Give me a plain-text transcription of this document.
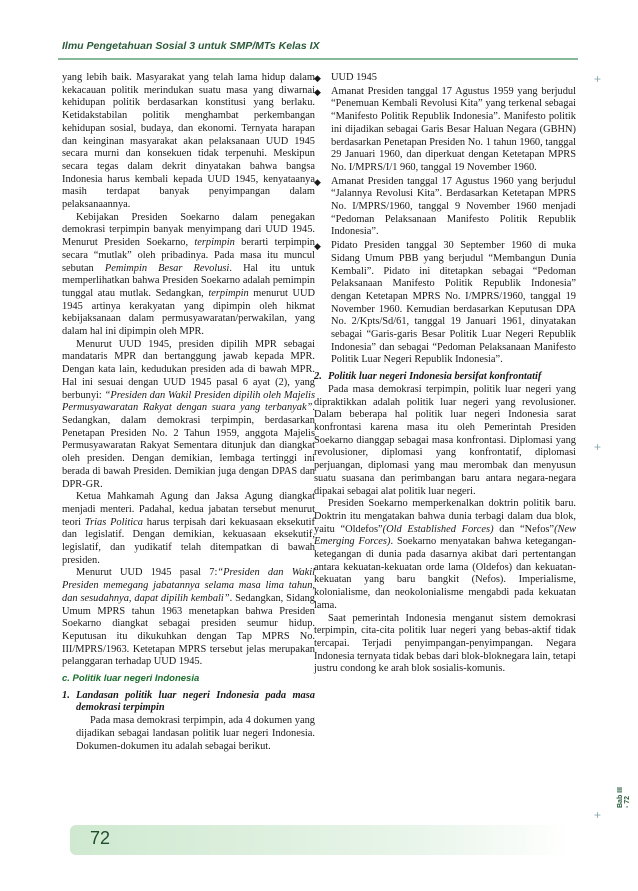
Ilmu Pengetahuan Sosial 3 untuk SMP/MTs Kelas IX

yang lebih baik. Masyarakat yang telah lama hidup dalam kekacauan politik merindukan suatu masa yang diwarnai kehidupan politik berdasarkan konstitusi yang berlaku. Ketidakstabilan politik menghambat perkembangan kehidupan sosial, budaya, dan ekonomi. Ternyata harapan dan keinginan masyarakat akan pelaksanaan UUD 1945 secara murni dan konsekuen tidak terpenuhi. Meskipun secara tegas dalam dekrit dinyatakan bahwa bangsa Indonesia harus kembali kepada UUD 1945, kenyataanya masih terdapat banyak penyimpangan dalam pelaksanaannya.

Kebijakan Presiden Soekarno dalam penegakan demokrasi terpimpin banyak menyimpang dari UUD 1945. Menurut Presiden Soekarno, terpimpin berarti terpimpin secara “mutlak” oleh pribadinya. Pada masa itu muncul sebutan Pemimpin Besar Revolusi. Hal itu untuk memperlihatkan bahwa Presiden Soekarno adalah pemimpin tunggal atau mutlak. Sedangkan, terpimpin menurut UUD 1945 artinya kerakyatan yang dipimpin oleh hikmat kebijaksanaan dalam permusyawaratan/perwakilan, yang dalam hal ini dipimpin oleh MPR.

Menurut UUD 1945, presiden dipilih MPR sebagai mandataris MPR dan bertanggung jawab kepada MPR. Dengan kata lain, kedudukan presiden ada di bawah MPR. Hal ini sesuai dengan UUD 1945 pasal 6 ayat (2), yang berbunyi: “Presiden dan Wakil Presiden dipilih oleh Majelis Permusyawaratan Rakyat dengan suara yang terbanyak”. Sedangkan, dalam demokrasi terpimpin, berdasarkan Penetapan Presiden No. 2 Tahun 1959, anggota Majelis Permusyawaratan Rakyat Sementara ditunjuk dan diangkat oleh presiden. Dengan demikian, lembaga tertinggi ini berada di bawah Presiden. Demikian juga dengan DPAS dan DPR-GR.

Ketua Mahkamah Agung dan Jaksa Agung diangkat menjadi menteri. Padahal, kedua jabatan tersebut menurut teori Trias Politica harus terpisah dari kekuasaan eksekutif dan legislatif. Dengan demikian, kekuasaan eksekutif, legislatif, dan yudikatif telah ditempatkan di bawah presiden.

Menurut UUD 1945 pasal 7:“Presiden dan Wakil Presiden memegang jabatannya selama masa lima tahun, dan sesudahnya, dapat dipilih kembali”. Sedangkan, Sidang Umum MPRS tahun 1963 menetapkan bahwa Presiden Soekarno diangkat sebagai presiden seumur hidup. Keputusan itu dikukuhkan dengan Tap MPRS No. III/MPRS/1963. Ketetapan MPRS tersebut jelas merupakan pelanggaran terhadap UUD 1945.

c. Politik luar negeri Indonesia
1. Landasan politik luar negeri Indonesia pada masa demokrasi terpimpin

Pada masa demokrasi terpimpin, ada 4 dokumen yang dijadikan sebagai landasan politik luar negeri Indonesia. Dokumen-dokumen itu adalah sebagai berikut.

◆ UUD 1945
◆ Amanat Presiden tanggal 17 Agustus 1959 yang berjudul “Penemuan Kembali Revolusi Kita” yang terkenal sebagai “Manifesto Politik Republik Indonesia”. Manifesto politik ini dijadikan sebagai Garis Besar Haluan Negara (GBHN) berdasarkan Penetapan Presiden No. 1 tahun 1960, tanggal 29 Januari 1960, dan diperkuat dengan Ketetapan MPRS No. I/MPRS/I/1 960, tanggal 19 November 1960.
◆ Amanat Presiden tanggal 17 Agustus 1960 yang berjudul “Jalannya Revolusi Kita”. Berdasarkan Ketetapan MPRS No. I/MPRS/1960, tanggal 9 November 1960 menjadi “Pedoman Pelaksanaan Manifesto Politik Republik Indonesia”.
◆ Pidato Presiden tanggal 30 September 1960 di muka Sidang Umum PBB yang berjudul “Membangun Dunia Kembali”. Pidato ini ditetapkan sebagai “Pedoman Pelaksanaan Manifesto Politik Republik Indonesia” dengan Ketetapan MPRS No. I/MPRS/1960, tanggal 19 November 1960. Kemudian berdasarkan Keputusan DPA No. 2/Kpts/Sd/61, tanggal 19 Januari 1961, dinyatakan sebagai “Garis-garis Besar Politik Luar Negeri Republik Indonesia” dan sebagai “Pedoman Pelaksanaan Manifesto Politik Luar Negeri Republik Indonesia”.
2. Politik luar negeri Indonesia bersifat konfrontatif

Pada masa demokrasi terpimpin, politik luar negeri yang dipraktikkan adalah politik luar negeri yang revolusioner. Dalam beberapa hal politik luar negeri Indonesia sarat konfrontasi karena masa itu oleh Pemerintah Presiden Soekarno dianggap sebagai masa konfrontasi. Diplomasi yang revolusioner, diplomasi yang konfrontatif, diplomasi perjuangan, diplomasi yang mau merombak dan menyusun suatu suasana dan perimbangan baru antara negara-negara dipakai sebagai alat politik luar negeri.

Presiden Soekarno memperkenalkan doktrin politik baru. Doktrin itu mengatakan bahwa dunia terbagi dalam dua blok, yaitu “Oldefos”(Old Established Forces) dan “Nefos”(New Emerging Forces). Soekarno menyatakan bahwa ketegangan-ketegangan di dunia pada dasarnya akibat dari pertentangan antara kekuatan-kekuatan orde lama (Oldefos) dan kekuatan-kekuatan yang baru bangkit (Nefos). Imperialisme, kolonialisme, dan neokolonialisme mengabdi pada kekuatan lama.

Saat pemerintah Indonesia menganut sistem demokrasi terpimpin, cita-cita politik luar negeri yang bebas-aktif tidak tercapai. Terjadi penyimpangan-penyimpangan. Negara Indonesia ternyata tidak bebas dari blok-bloknegara lain, tetapi justru condong ke arah blok sosialis-komunis.

72
Bab III - 72
+
+
+
